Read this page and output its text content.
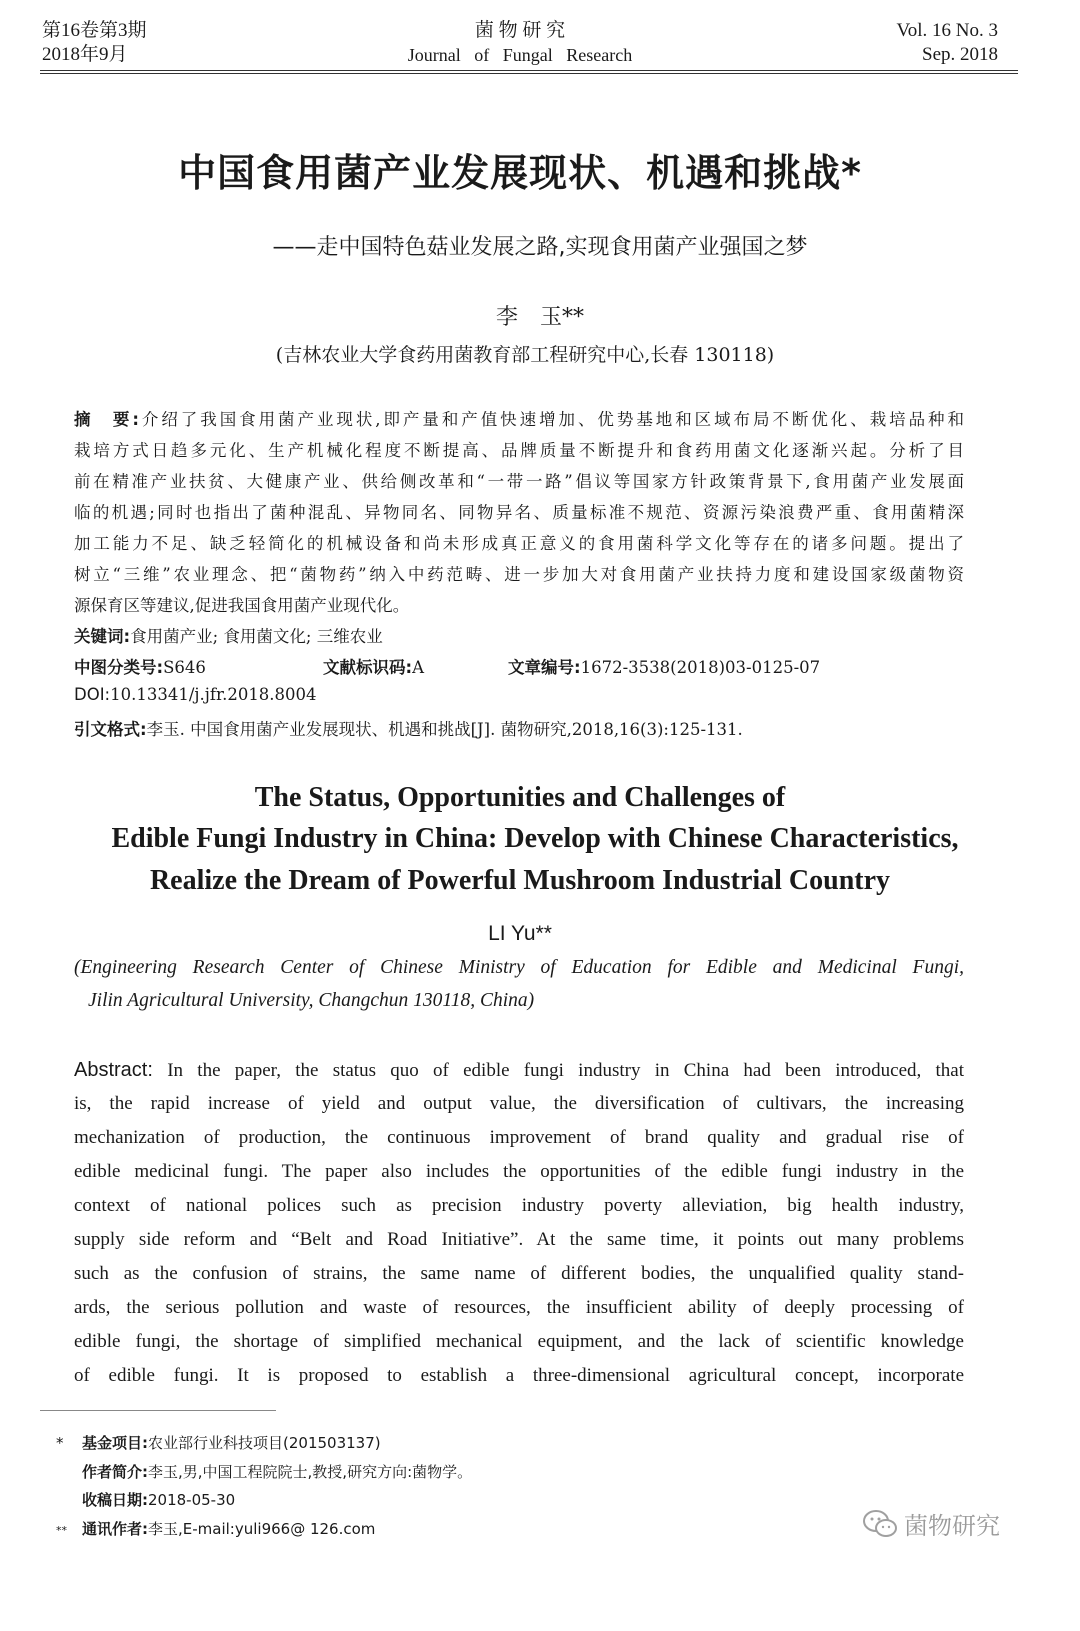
第16卷第3期
2018年9月
菌 物 研 究
Journal   of   Fungal   Research
Vol. 16 No. 3
Sep. 2018
中国食用菌产业发展现状、机遇和挑战*
——走中国特色菇业发展之路,实现食用菌产业强国之梦
李　玉**
(吉林农业大学食药用菌教育部工程研究中心,长春 130118)
摘　要:介绍了我国食用菌产业现状,即产量和产值快速增加、优势基地和区域布局不断优化、栽培品种和
栽培方式日趋多元化、生产机械化程度不断提高、品牌质量不断提升和食药用菌文化逐渐兴起。分析了目
前在精准产业扶贫、大健康产业、供给侧改革和“一带一路”倡议等国家方针政策背景下,食用菌产业发展面
临的机遇;同时也指出了菌种混乱、异物同名、同物异名、质量标准不规范、资源污染浪费严重、食用菌精深
加工能力不足、缺乏轻简化的机械设备和尚未形成真正意义的食用菌科学文化等存在的诸多问题。提出了
树立“三维”农业理念、把“菌物药”纳入中药范畴、进一步加大对食用菌产业扶持力度和建设国家级菌物资
源保育区等建议,促进我国食用菌产业现代化。
关键词:食用菌产业; 食用菌文化; 三维农业
中图分类号:S646	文献标识码:A	文章编号:1672-3538(2018)03-0125-07
DOI:10.13341/j.jfr.2018.8004
引文格式:李玉. 中国食用菌产业发展现状、机遇和挑战[J]. 菌物研究,2018,16(3):125-131.
The Status, Opportunities and Challenges of
Edible Fungi Industry in China: Develop with Chinese Characteristics,
Realize the Dream of Powerful Mushroom Industrial Country
LI Yu**
(Engineering Research Center of Chinese Ministry of Education for Edible and Medicinal Fungi,
Jilin Agricultural University, Changchun 130118, China)
Abstract: In the paper, the status quo of edible fungi industry in China had been introduced, that
is, the rapid increase of yield and output value, the diversification of cultivars, the increasing
mechanization of production, the continuous improvement of brand quality and gradual rise of
edible medicinal fungi. The paper also includes the opportunities of the edible fungi industry in the
context of national polices such as precision industry poverty alleviation, big health industry,
supply side reform and “Belt and Road Initiative”. At the same time, it points out many problems
such as the confusion of strains, the same name of different bodies, the unqualified quality stand-
ards, the serious pollution and waste of resources, the insufficient ability of deeply processing of
edible fungi, the shortage of simplified mechanical equipment, and the lack of scientific knowledge
of edible fungi. It is proposed to establish a three-dimensional agricultural concept, incorporate
* 基金项目:农业部行业科技项目(201503137)
作者简介:李玉,男,中国工程院院士,教授,研究方向:菌物学。
收稿日期:2018-05-30
** 通讯作者:李玉,E-mail:yuli966@ 126.com	菌物研究
